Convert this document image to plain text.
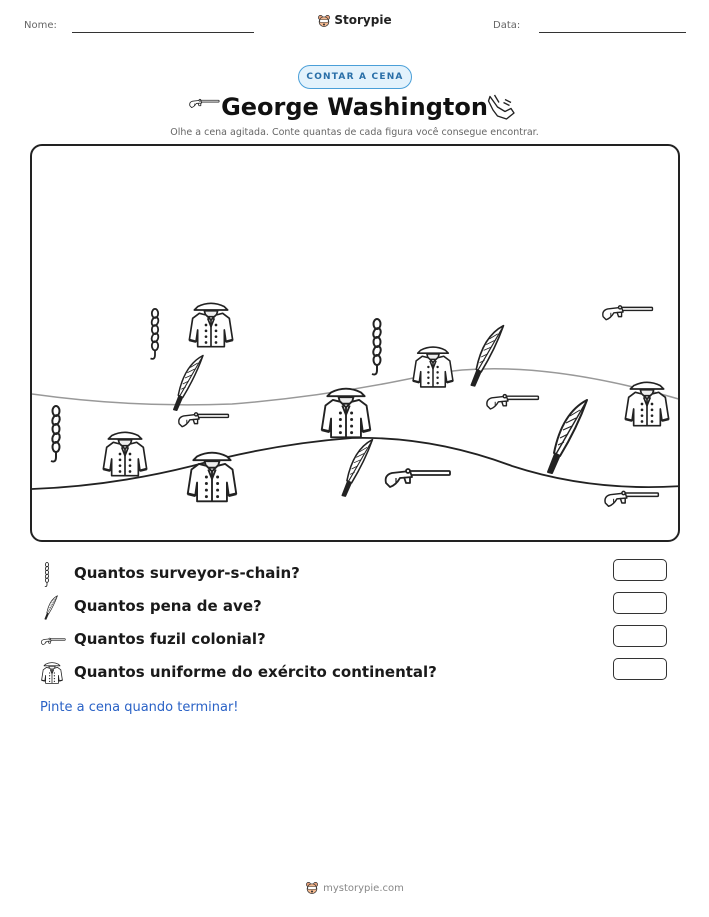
Nome:	Storypie	Data:
CONTAR A CENA
George Washington
Olhe a cena agitada. Conte quantas de cada figura você consegue encontrar.
Quantos surveyor-s-chain?
Quantos pena de ave?
Quantos fuzil colonial?
Quantos uniforme do exército continental?
Pinte a cena quando terminar!
mystorypie.com
